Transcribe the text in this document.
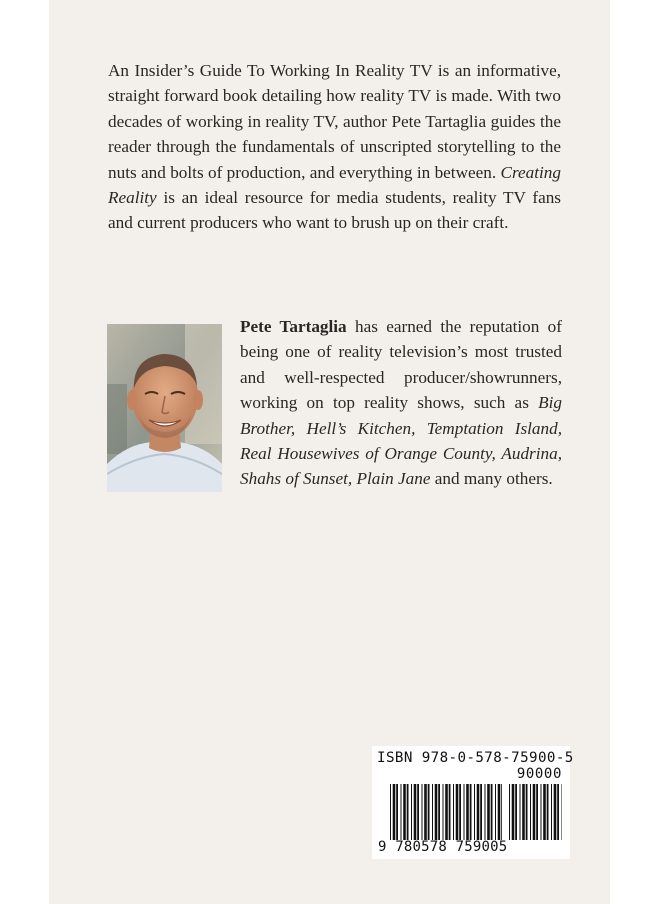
An Insider’s Guide To Working In Reality TV is an informative, straight forward book detailing how reality TV is made. With two decades of working in reality TV, author Pete Tartaglia guides the reader through the fundamentals of unscripted storytelling to the nuts and bolts of production, and everything in between. Creating Reality is an ideal resource for media students, reality TV fans and current producers who want to brush up on their craft.

Pete Tartaglia has earned the reputation of being one of reality television’s most trusted and well-respected producer/showrunners, working on top reality shows, such as Big Brother, Hell’s Kitchen, Temptation Island, Real Housewives of Orange County, Audrina, Shahs of Sunset, Plain Jane and many others.

ISBN 978-0-578-75900-5
90000
9 780578 759005
